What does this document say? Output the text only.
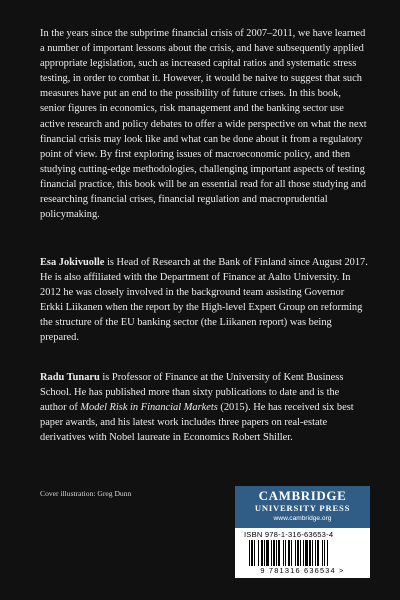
In the years since the subprime financial crisis of 2007–2011, we have learned a number of important lessons about the crisis, and have subsequently applied appropriate legislation, such as increased capital ratios and systematic stress testing, in order to combat it. However, it would be naive to suggest that such measures have put an end to the possibility of future crises. In this book, senior figures in economics, risk management and the banking sector use active research and policy debates to offer a wide perspective on what the next financial crisis may look like and what can be done about it from a regulatory point of view. By first exploring issues of macroeconomic policy, and then studying cutting-edge methodologies, challenging important aspects of testing financial practice, this book will be an essential read for all those studying and researching financial crises, financial regulation and macroprudential policymaking.

Esa Jokivuolle is Head of Research at the Bank of Finland since August 2017. He is also affiliated with the Department of Finance at Aalto University. In 2012 he was closely involved in the background team assisting Governor Erkki Liikanen when the report by the High-level Expert Group on reforming the structure of the EU banking sector (the Liikanen report) was being prepared.

Radu Tunaru is Professor of Finance at the University of Kent Business School. He has published more than sixty publications to date and is the author of Model Risk in Financial Markets (2015). He has received six best paper awards, and his latest work includes three papers on real-estate derivatives with Nobel laureate in Economics Robert Shiller.

Cover illustration: Greg Dunn	CAMBRIDGE
UNIVERSITY PRESS
www.cambridge.org
ISBN 978-1-316-63653-4
9 781316 636534 >
